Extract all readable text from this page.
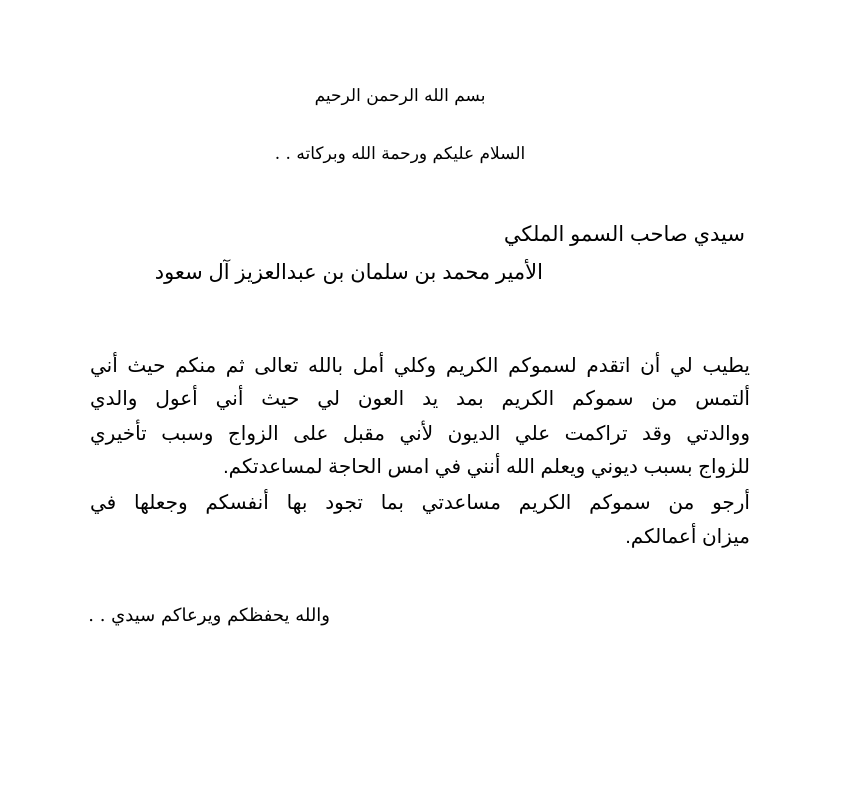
بسم الله الرحمن الرحيم
السلام عليكم ورحمة الله وبركاته . .
سيدي صاحب السمو الملكي
الأمير محمد بن سلمان بن عبدالعزيز آل سعود
يطيب لي أن اتقدم لسموكم الكريم وكلي أمل بالله تعالى ثم منكم حيث أني
ألتمس من سموكم الكريم بمد يد العون لي حيث أني أعول والدي
ووالدتي وقد تراكمت علي الديون لأني مقبل على الزواج وسبب تأخيري
للزواج بسبب ديوني ويعلم الله أنني في امس الحاجة لمساعدتكم.
أرجو من سموكم الكريم مساعدتي بما تجود بها أنفسكم وجعلها في
ميزان أعمالكم.
والله يحفظكم ويرعاكم سيدي . .
